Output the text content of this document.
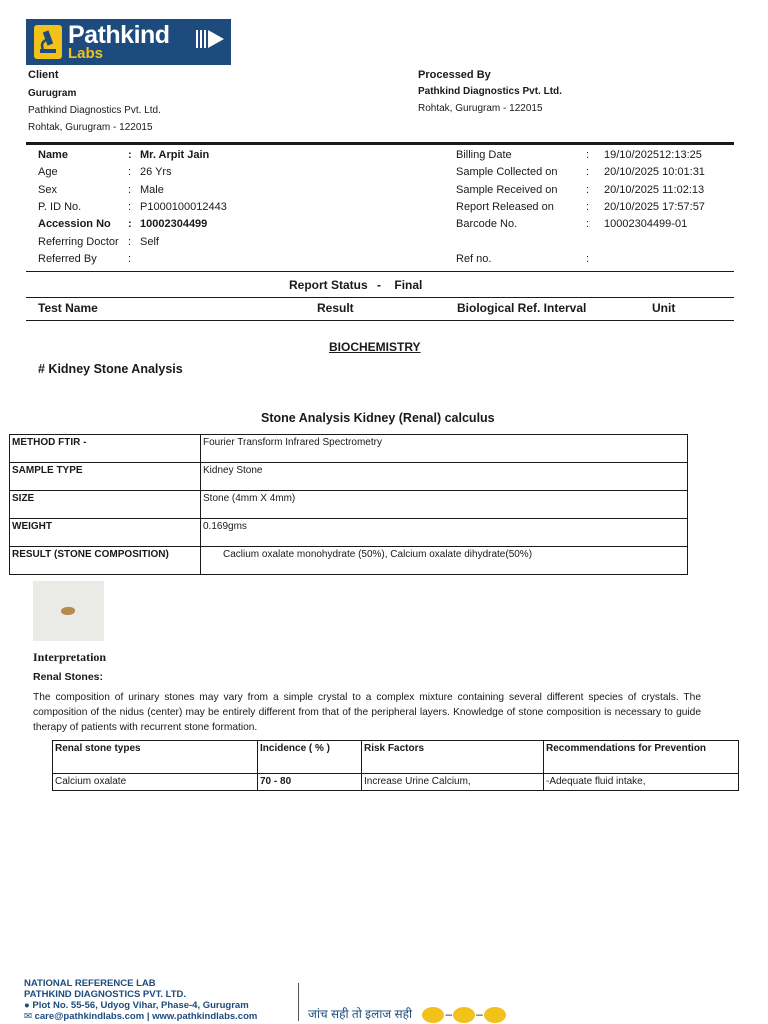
Pathkind
Labs
Client
Gurugram
Pathkind Diagnostics Pvt. Ltd.
Rohtak, Gurugram - 122015
Processed By
Pathkind Diagnostics Pvt. Ltd.
Rohtak, Gurugram - 122015
Name	: Mr. Arpit Jain
Age	: 26 Yrs
Sex	: Male
P. ID No.	: P1000100012443
Accession No : 10002304499
Referring Doctor : Self
Referred By	:
Billing Date	: 19/10/202512:13:25
Sample Collected on	: 20/10/2025 10:01:31
Sample Received on	: 20/10/2025 11:02:13
Report Released on	: 20/10/2025 17:57:57
Barcode No.	: 10002304499-01
Ref no.	:
Report Status - Final
Test Name	Result	Biological Ref. Interval	Unit
BIOCHEMISTRY
# Kidney Stone Analysis
Stone Analysis Kidney (Renal) calculus
METHOD FTIR -	Fourier Transform Infrared Spectrometry
SAMPLE TYPE	Kidney Stone
SIZE	Stone (4mm X 4mm)
WEIGHT	0.169gms
RESULT (STONE COMPOSITION)	Caclium oxalate monohydrate (50%), Calcium oxalate dihydrate(50%)
Interpretation
Renal Stones:
The composition of urinary stones may vary from a simple crystal to a complex mixture containing several different species of crystals. The composition of the nidus (center) may be entirely different from that of the peripheral layers. Knowledge of stone composition is necessary to guide therapy of patients with recurrent stone formation.
Renal stone types	Incidence ( % )	Risk Factors	Recommendations for Prevention
Calcium oxalate	70 - 80	Increase Urine Calcium,	-Adequate fluid intake,
NATIONAL REFERENCE LAB
PATHKIND DIAGNOSTICS PVT. LTD.
● Plot No. 55-56, Udyog Vihar, Phase-4, Gurugram
✉ care@pathkindlabs.com | www.pathkindlabs.com	जांच सही तो इलाज सही	– –
